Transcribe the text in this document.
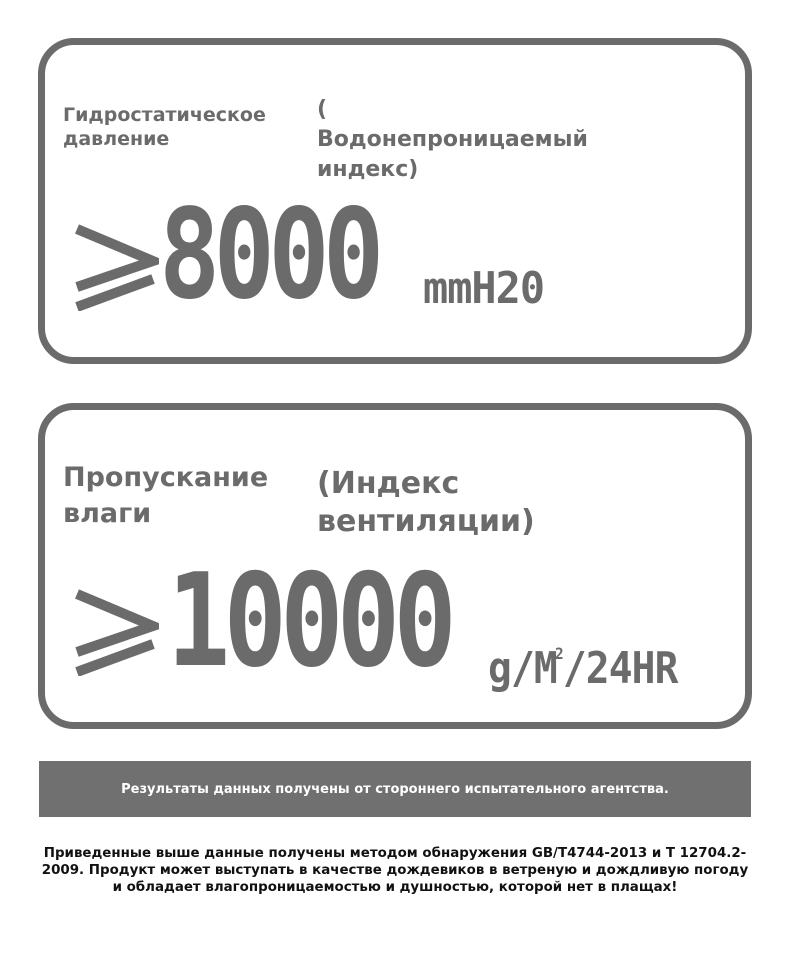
Гидростатическое
давление
(
Водонепроницаемый
индекс)
8000 mmH20
Пропускание
влаги
(Индекс
вентиляции)
10000 $g/M^2/24HR$
Результаты данных получены от стороннего испытательного агентства.
Приведенные выше данные получены методом обнаружения GB/T4744-2013 и T 12704.2-2009. Продукт может выступать в качестве дождевиков в ветреную и дождливую погоду и обладает влагопроницаемостью и душностью, которой нет в плащах!
